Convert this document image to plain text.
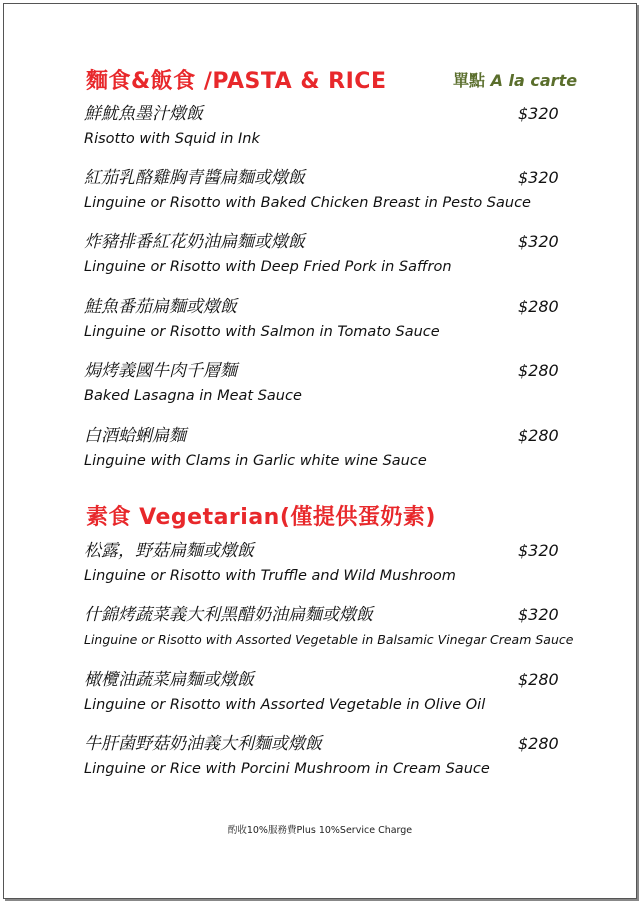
麵食&飯食 /PASTA & RICE	單點 A la carte
鮮魷魚墨汁燉飯
Risotto with Squid in Ink
$320
紅茄乳酪雞胸青醬扁麵或燉飯
Linguine or Risotto with Baked Chicken Breast in Pesto Sauce
$320
炸豬排番紅花奶油扁麵或燉飯
Linguine or Risotto with Deep Fried Pork in Saffron
$320
鮭魚番茄扁麵或燉飯
Linguine or Risotto with Salmon in Tomato Sauce
$280
焗烤義國牛肉千層麵
Baked Lasagna in Meat Sauce
$280
白酒蛤蜊扁麵
Linguine with Clams in Garlic white wine Sauce
$280
素食 Vegetarian(僅提供蛋奶素)
松露，野菇扁麵或燉飯
Linguine or Risotto with Truffle and Wild Mushroom
$320
什錦烤蔬菜義大利黑醋奶油扁麵或燉飯
Linguine or Risotto with Assorted Vegetable in Balsamic Vinegar Cream Sauce
$320
橄欖油蔬菜扁麵或燉飯
Linguine or Risotto with Assorted Vegetable in Olive Oil
$280
牛肝菌野菇奶油義大利麵或燉飯
Linguine or Rice with Porcini Mushroom in Cream Sauce
$280
酌收10%服務費Plus 10%Service Charge
